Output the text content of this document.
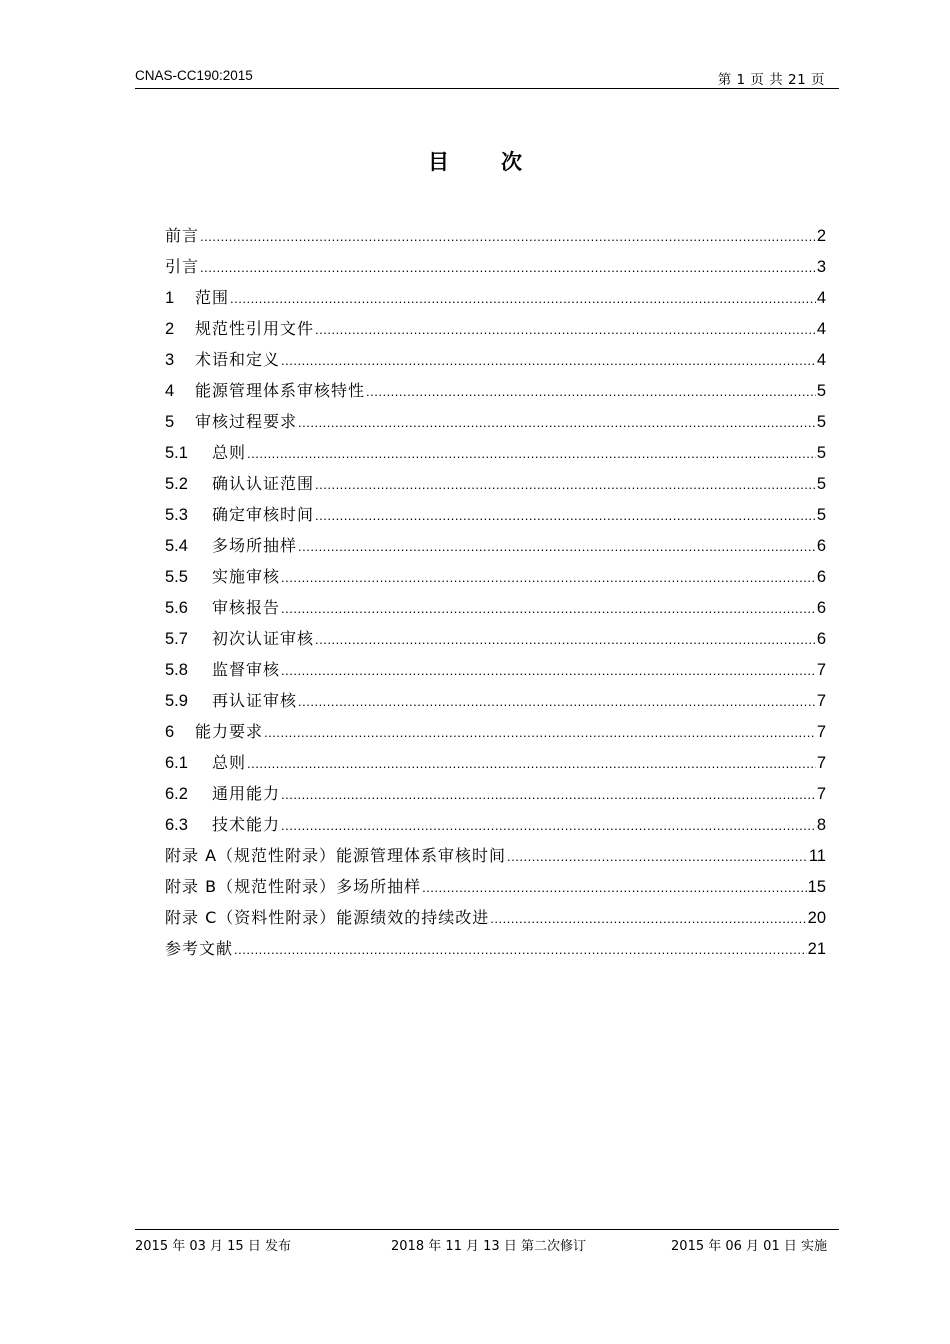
CNAS-CC190:2015	第 1 页 共 21 页
目 次
前言 .....	2
引言 .....	3
1	范围 .....	4
2	规范性引用文件 .....	4
3	术语和定义 .....	4
4	能源管理体系审核特性 .....	5
5	审核过程要求 .....	5
5.1	总则 .....	5
5.2	确认认证范围 .....	5
5.3	确定审核时间 .....	5
5.4	多场所抽样 .....	6
5.5	实施审核 .....	6
5.6	审核报告 .....	6
5.7	初次认证审核 .....	6
5.8	监督审核 .....	7
5.9	再认证审核 .....	7
6	能力要求 .....	7
6.1	总则 .....	7
6.2	通用能力 .....	7
6.3	技术能力 .....	8
附录 A（规范性附录）能源管理体系审核时间 .....	11
附录 B（规范性附录）多场所抽样 .....	15
附录 C（资料性附录）能源绩效的持续改进 .....	20
参考文献 .....	21
2015 年 03 月 15 日 发布	2018 年 11 月 13 日 第二次修订	2015 年 06 月 01 日 实施
